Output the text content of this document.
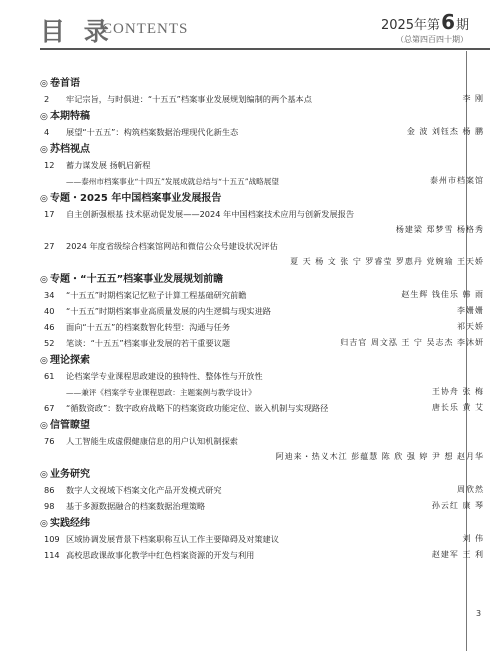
目 录
CONTENTS	2025年第6期
（总第四百四十期）
◎ 卷首语
2 牢记宗旨，与时俱进：“十五五”档案事业发展规划编制的两个基本点	李 刚
◎ 本期特稿
4 展望“十五五”：构筑档案数据治理现代化新生态	金 波 刘钰杰 杨 鹏
◎ 苏档视点
12 蓄力谋发展 扬帆启新程
——泰州市档案事业“十四五”发展成就总结与“十五五”战略展望	泰州市档案馆
◎ 专题・2025 年中国档案事业发展报告
17 自主创新强根基 技术驱动促发展——2024 年中国档案技术应用与创新发展报告
杨建梁 郑梦雪 杨格秀
27 2024 年度省级综合档案馆网站和微信公众号建设状况评估
夏 天 杨 文 张 宁 罗睿莹 罗惠丹 党婉瑜 王天娇
◎ 专题・“十五五”档案事业发展规划前瞻
34 “十五五”时期档案记忆粒子计算工程基础研究前瞻	赵生辉 钱佳乐 韩 雨
40 “十五五”时期档案事业高质量发展的内生逻辑与现实进路	李姗姗
46 面向“十五五”的档案数智化转型：沟通与任务	祁天娇
52 笔谈：“十五五”档案事业发展的若干重要议题	归吉官 周文泓 王 宁 吴志杰 李沐妍
◎ 理论探索
61 论档案学专业课程思政建设的独特性、整体性与开放性
——兼评《档案学专业课程思政：主题案例与教学设计》	王协舟 张 梅
67 “循数资政”：数字政府战略下的档案资政功能定位、嵌入机制与实现路径	唐长乐 黄 艾
◎ 信管瞭望
76 人工智能生成虚假健康信息的用户认知机制探索
阿迪来・热义木江 彭蕴慧 陈 欣 强 婷 尹 想 赵月华
◎ 业务研究
86 数字人文视域下档案文化产品开发模式研究	周欣然
98 基于多源数据融合的档案数据治理策略	孙云红 康 琴
◎ 实践经纬
109 区域协调发展背景下档案职称互认工作主要障碍及对策建议	刘 伟
114 高校思政课故事化教学中红色档案资源的开发与利用	赵建军 王 利
3
